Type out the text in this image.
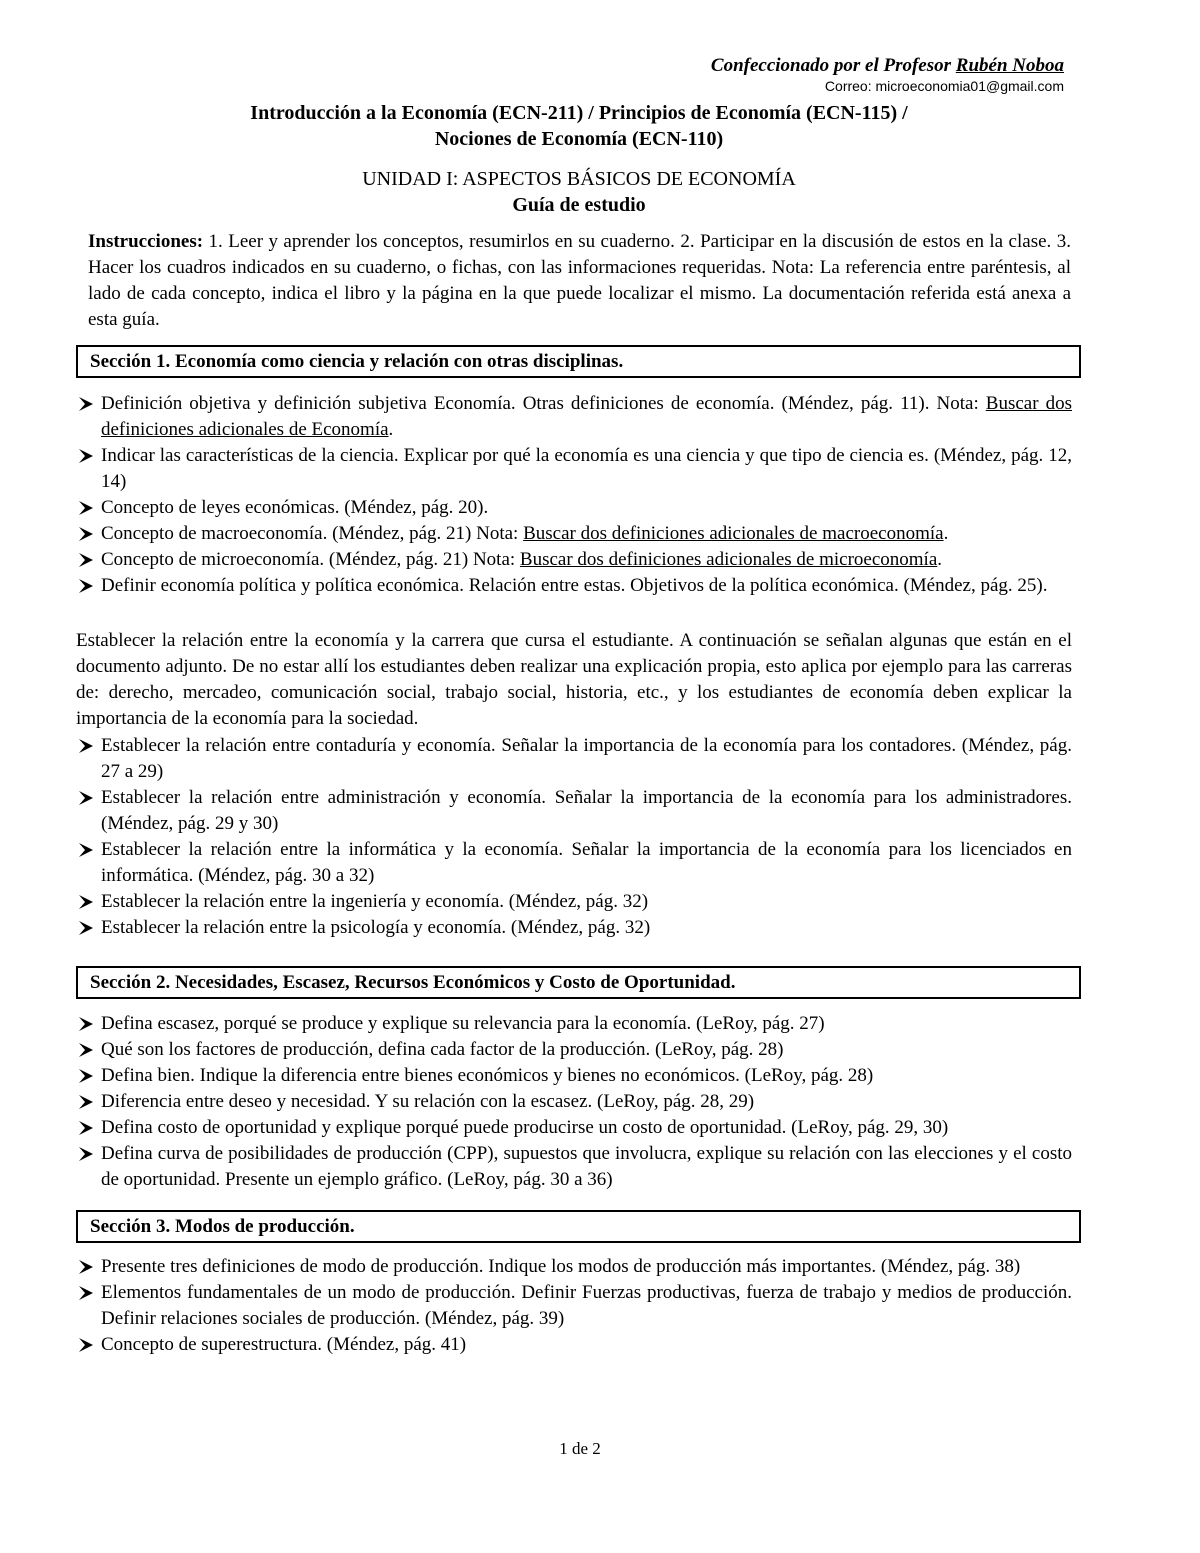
Confeccionado por el Profesor Rubén Noboa
Correo: microeconomia01@gmail.com
Introducción a la Economía (ECN-211) / Principios de Economía (ECN-115) /
Nociones de Economía (ECN-110)
UNIDAD I: ASPECTOS BÁSICOS DE ECONOMÍA
Guía de estudio
Instrucciones: 1. Leer y aprender los conceptos, resumirlos en su cuaderno. 2. Participar en la discusión de estos en la clase. 3. Hacer los cuadros indicados en su cuaderno, o fichas, con las informaciones requeridas. Nota: La referencia entre paréntesis, al lado de cada concepto, indica el libro y la página en la que puede localizar el mismo. La documentación referida está anexa a esta guía.
Sección 1. Economía como ciencia y relación con otras disciplinas.
Definición objetiva y definición subjetiva Economía. Otras definiciones de economía. (Méndez, pág. 11). Nota: Buscar dos definiciones adicionales de Economía.
Indicar las características de la ciencia. Explicar por qué la economía es una ciencia y que tipo de ciencia es. (Méndez, pág. 12, 14)
Concepto de leyes económicas. (Méndez, pág. 20).
Concepto de macroeconomía. (Méndez, pág. 21) Nota: Buscar dos definiciones adicionales de macroeconomía.
Concepto de microeconomía. (Méndez, pág. 21) Nota: Buscar dos definiciones adicionales de microeconomía.
Definir economía política y política económica. Relación entre estas. Objetivos de la política económica. (Méndez, pág. 25).
Establecer la relación entre la economía y la carrera que cursa el estudiante. A continuación se señalan algunas que están en el documento adjunto. De no estar allí los estudiantes deben realizar una explicación propia, esto aplica por ejemplo para las carreras de: derecho, mercadeo, comunicación social, trabajo social, historia, etc., y los estudiantes de economía deben explicar la importancia de la economía para la sociedad.
Establecer la relación entre contaduría y economía. Señalar la importancia de la economía para los contadores. (Méndez, pág. 27 a 29)
Establecer la relación entre administración y economía. Señalar la importancia de la economía para los administradores. (Méndez, pág. 29 y 30)
Establecer la relación entre la informática y la economía. Señalar la importancia de la economía para los licenciados en informática. (Méndez, pág. 30 a 32)
Establecer la relación entre la ingeniería y economía. (Méndez, pág. 32)
Establecer la relación entre la psicología y economía. (Méndez, pág. 32)
Sección 2. Necesidades, Escasez, Recursos Económicos y Costo de Oportunidad.
Defina escasez, porqué se produce y explique su relevancia para la economía. (LeRoy, pág. 27)
Qué son los factores de producción, defina cada factor de la producción. (LeRoy, pág. 28)
Defina bien. Indique la diferencia entre bienes económicos y bienes no económicos. (LeRoy, pág. 28)
Diferencia entre deseo y necesidad. Y su relación con la escasez. (LeRoy, pág. 28, 29)
Defina costo de oportunidad y explique porqué puede producirse un costo de oportunidad. (LeRoy, pág. 29, 30)
Defina curva de posibilidades de producción (CPP), supuestos que involucra, explique su relación con las elecciones y el costo de oportunidad. Presente un ejemplo gráfico. (LeRoy, pág. 30 a 36)
Sección 3. Modos de producción.
Presente tres definiciones de modo de producción. Indique los modos de producción más importantes. (Méndez, pág. 38)
Elementos fundamentales de un modo de producción. Definir Fuerzas productivas, fuerza de trabajo y medios de producción. Definir relaciones sociales de producción. (Méndez, pág. 39)
Concepto de superestructura. (Méndez, pág. 41)
1 de 2
